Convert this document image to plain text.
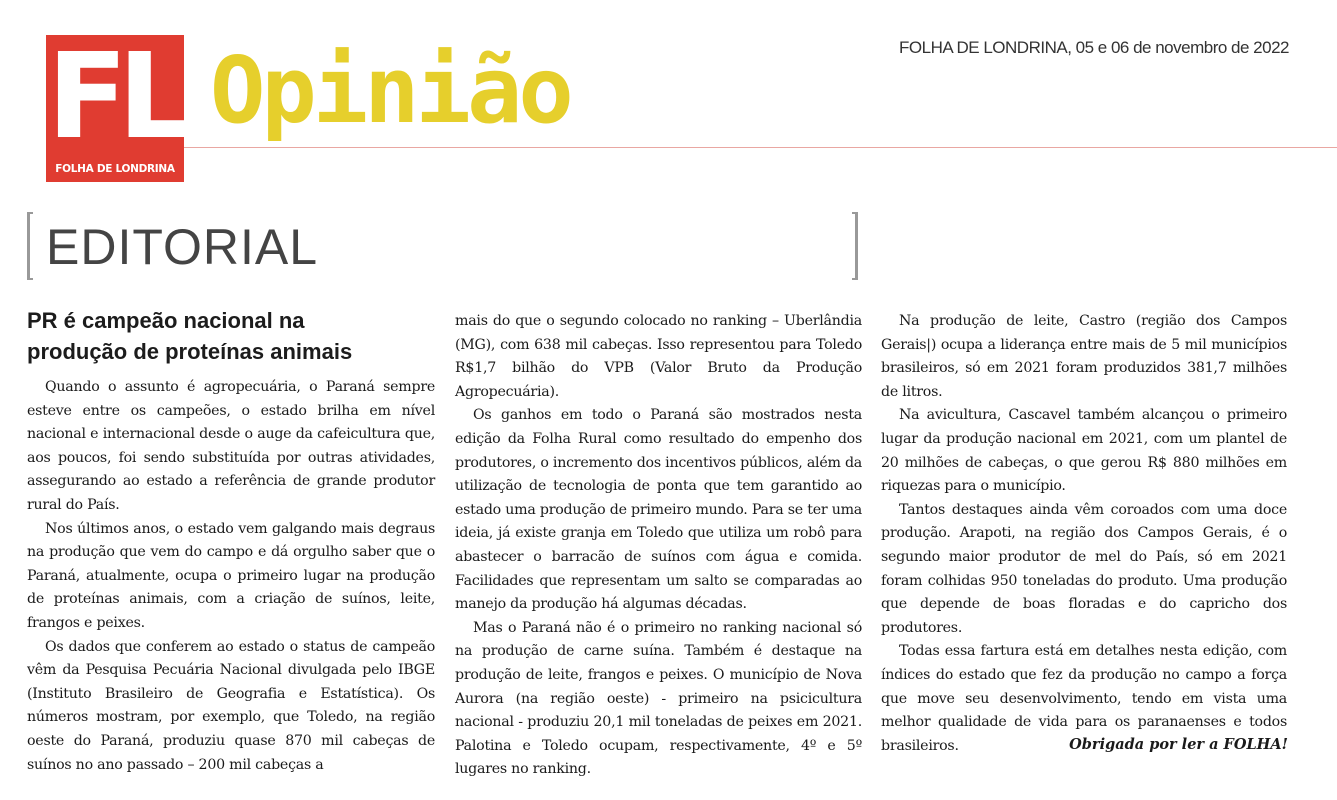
FL
FOLHA DE LONDRINA
Opinião	FOLHA DE LONDRINA, 05 e 06 de novembro de 2022
EDITORIAL
PR é campeão nacional na
produção de proteínas animais

Quando o assunto é agropecuária, o Paraná sempre esteve entre os campeões, o estado brilha em nível nacional e internacional desde o auge da cafeicultura que, aos poucos, foi sendo substituída por outras atividades, assegurando ao estado a referência de grande produtor rural do País.

Nos últimos anos, o estado vem galgando mais degraus na produção que vem do campo e dá orgulho saber que o Paraná, atualmente, ocupa o primeiro lugar na produção de proteínas animais, com a criação de suínos, leite, frangos e peixes.

Os dados que conferem ao estado o status de campeão vêm da Pesquisa Pecuária Nacional divulgada pelo IBGE (Instituto Brasileiro de Geografia e Estatística). Os números mostram, por exemplo, que Toledo, na região oeste do Paraná, produziu quase 870 mil cabeças de suínos no ano passado – 200 mil cabeças a

mais do que o segundo colocado no ranking – Uberlândia (MG), com 638 mil cabeças. Isso representou para Toledo R$1,7 bilhão do VPB (Valor Bruto da Produção Agropecuária).

Os ganhos em todo o Paraná são mostrados nesta edição da Folha Rural como resultado do empenho dos produtores, o incremento dos incentivos públicos, além da utilização de tecnologia de ponta que tem garantido ao estado uma produção de primeiro mundo. Para se ter uma ideia, já existe granja em Toledo que utiliza um robô para abastecer o barracão de suínos com água e comida. Facilidades que representam um salto se comparadas ao manejo da produção há algumas décadas.

Mas o Paraná não é o primeiro no ranking nacional só na produção de carne suína. Também é destaque na produção de leite, frangos e peixes. O município de Nova Aurora (na região oeste) - primeiro na psicicultura nacional - produziu 20,1 mil toneladas de peixes em 2021. Palotina e Toledo ocupam, respectivamente, 4º e 5º lugares no ranking.

Na produção de leite, Castro (região dos Campos Gerais|) ocupa a liderança entre mais de 5 mil municípios brasileiros, só em 2021 foram produzidos 381,7 milhões de litros.

Na avicultura, Cascavel também alcançou o primeiro lugar da produção nacional em 2021, com um plantel de 20 milhões de cabeças, o que gerou R$ 880 milhões em riquezas para o município.

Tantos destaques ainda vêm coroados com uma doce produção. Arapoti, na região dos Campos Gerais, é o segundo maior produtor de mel do País, só em 2021 foram colhidas 950 toneladas do produto. Uma produção que depende de boas floradas e do capricho dos produtores.

Todas essa fartura está em detalhes nesta edição, com índices do estado que fez da produção no campo a força que move seu desenvolvimento, tendo em vista uma melhor qualidade de vida para os paranaenses e todos brasileiros.	Obrigada por ler a FOLHA!
